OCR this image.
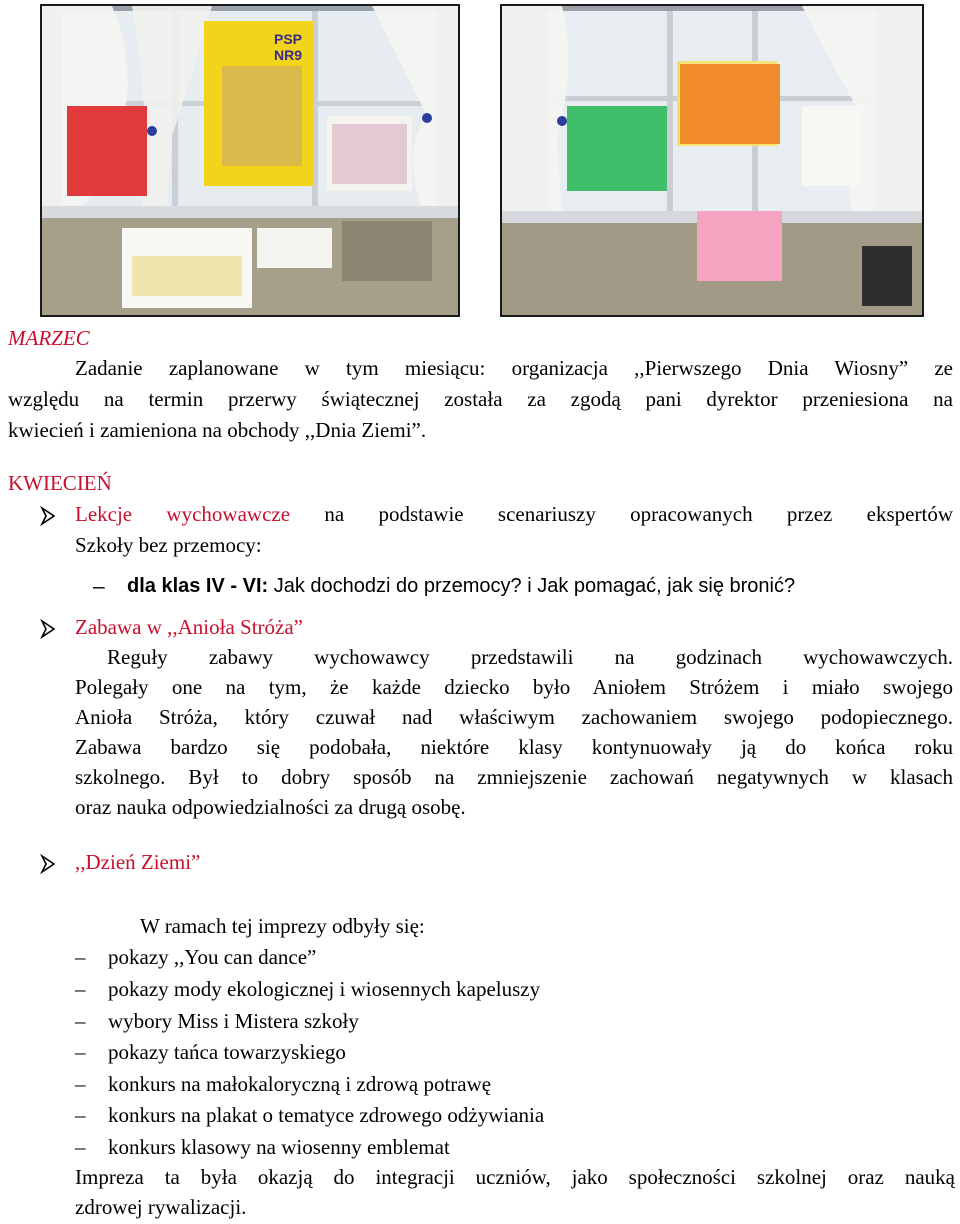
PSP
NR9
MARZEC
Zadanie zaplanowane w tym miesiącu: organizacja ,,Pierwszego Dnia Wiosny” ze
względu na termin przerwy świątecznej została za zgodą pani dyrektor przeniesiona na
kwiecień i zamieniona na obchody ,,Dnia Ziemi”.
KWIECIEŃ
Lekcje wychowawcze na podstawie scenariuszy opracowanych przez ekspertów
Szkoły bez przemocy:
– dla klas IV - VI: Jak dochodzi do przemocy? i Jak pomagać, jak się bronić?
Zabawa w ,,Anioła Stróża”
Reguły zabawy wychowawcy przedstawili na godzinach wychowawczych.
Polegały one na tym, że każde dziecko było Aniołem Stróżem i miało swojego
Anioła Stróża, który czuwał nad właściwym zachowaniem swojego podopiecznego.
Zabawa bardzo się podobała, niektóre klasy kontynuowały ją do końca roku
szkolnego. Był to dobry sposób na zmniejszenie zachowań negatywnych w klasach
oraz nauka odpowiedzialności za drugą osobę.
,,Dzień Ziemi”
W ramach tej imprezy odbyły się:
– pokazy ,,You can dance”
– pokazy mody ekologicznej i wiosennych kapeluszy
– wybory Miss i Mistera szkoły
– pokazy tańca towarzyskiego
– konkurs na małokaloryczną i zdrową potrawę
– konkurs na plakat o tematyce zdrowego odżywiania
– konkurs klasowy na wiosenny emblemat
Impreza ta była okazją do integracji uczniów, jako społeczności szkolnej oraz nauką
zdrowej rywalizacji.
